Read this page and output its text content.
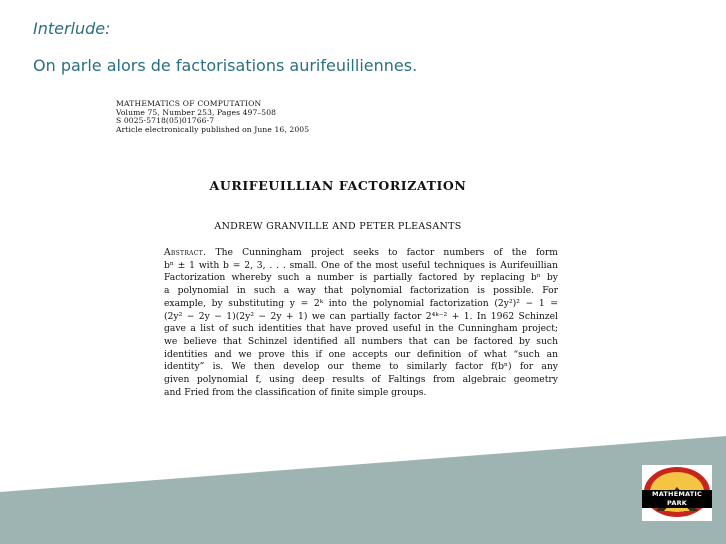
Interlude:
On parle alors de factorisations aurifeuilliennes.
MATHEMATICS OF COMPUTATION
Volume 75, Number 253, Pages 497–508
S 0025-5718(05)01766-7
Article electronically published on June 16, 2005
AURIFEUILLIAN FACTORIZATION
ANDREW GRANVILLE AND PETER PLEASANTS
Abstract. The Cunningham project seeks to factor numbers of the form
bⁿ ± 1 with b = 2, 3, . . . small. One of the most useful techniques is Aurifeuillian
Factorization whereby such a number is partially factored by replacing bⁿ by
a polynomial in such a way that polynomial factorization is possible. For
example, by substituting y = 2ᵏ into the polynomial factorization (2y²)² − 1 =
(2y² − 2y − 1)(2y² − 2y + 1) we can partially factor 2⁴ᵏ⁻² + 1. In 1962 Schinzel
gave a list of such identities that have proved useful in the Cunningham project;
we believe that Schinzel identified all numbers that can be factored by such
identities and we prove this if one accepts our definition of what “such an
identity” is. We then develop our theme to similarly factor f(bⁿ) for any
given polynomial f, using deep results of Faltings from algebraic geometry
and Fried from the classification of finite simple groups.
MATHEMATIC PARK
